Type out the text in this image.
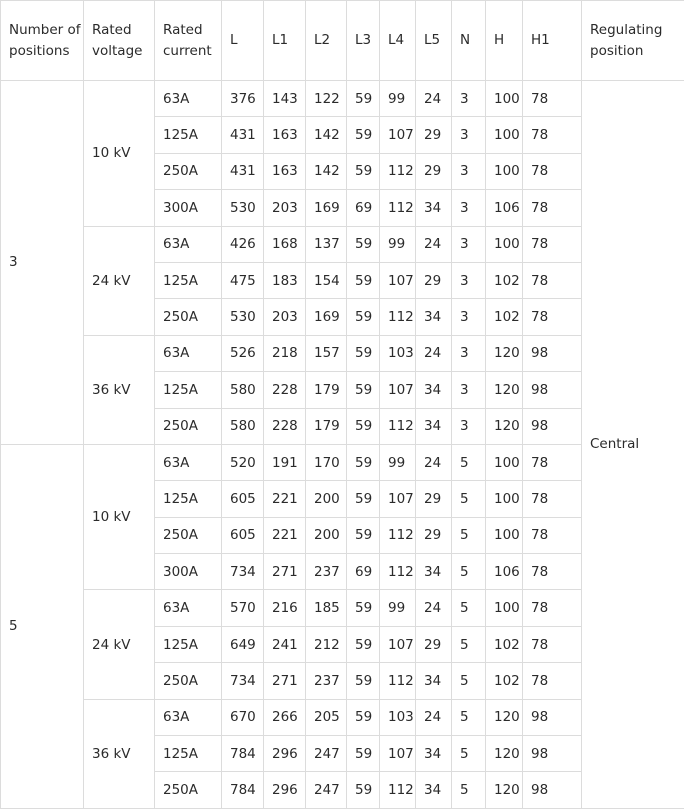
Number of positions	Rated voltage	Rated current	L	L1	L2	L3	L4	L5	N	H	H1	Regulating position
3	10 kV	63A	376	143	122	59	99	24	3	100	78	Central
		125A	431	163	142	59	107	29	3	100	78	
		250A	431	163	142	59	112	29	3	100	78	
		300A	530	203	169	69	112	34	3	106	78	
	24 kV	63A	426	168	137	59	99	24	3	100	78	
		125A	475	183	154	59	107	29	3	102	78	
		250A	530	203	169	59	112	34	3	102	78	
	36 kV	63A	526	218	157	59	103	24	3	120	98	
		125A	580	228	179	59	107	34	3	120	98	
		250A	580	228	179	59	112	34	3	120	98	
5	10 kV	63A	520	191	170	59	99	24	5	100	78	
		125A	605	221	200	59	107	29	5	100	78	
		250A	605	221	200	59	112	29	5	100	78	
		300A	734	271	237	69	112	34	5	106	78	
	24 kV	63A	570	216	185	59	99	24	5	100	78	
		125A	649	241	212	59	107	29	5	102	78	
		250A	734	271	237	59	112	34	5	102	78	
	36 kV	63A	670	266	205	59	103	24	5	120	98	
		125A	784	296	247	59	107	34	5	120	98	
		250A	784	296	247	59	112	34	5	120	98	
